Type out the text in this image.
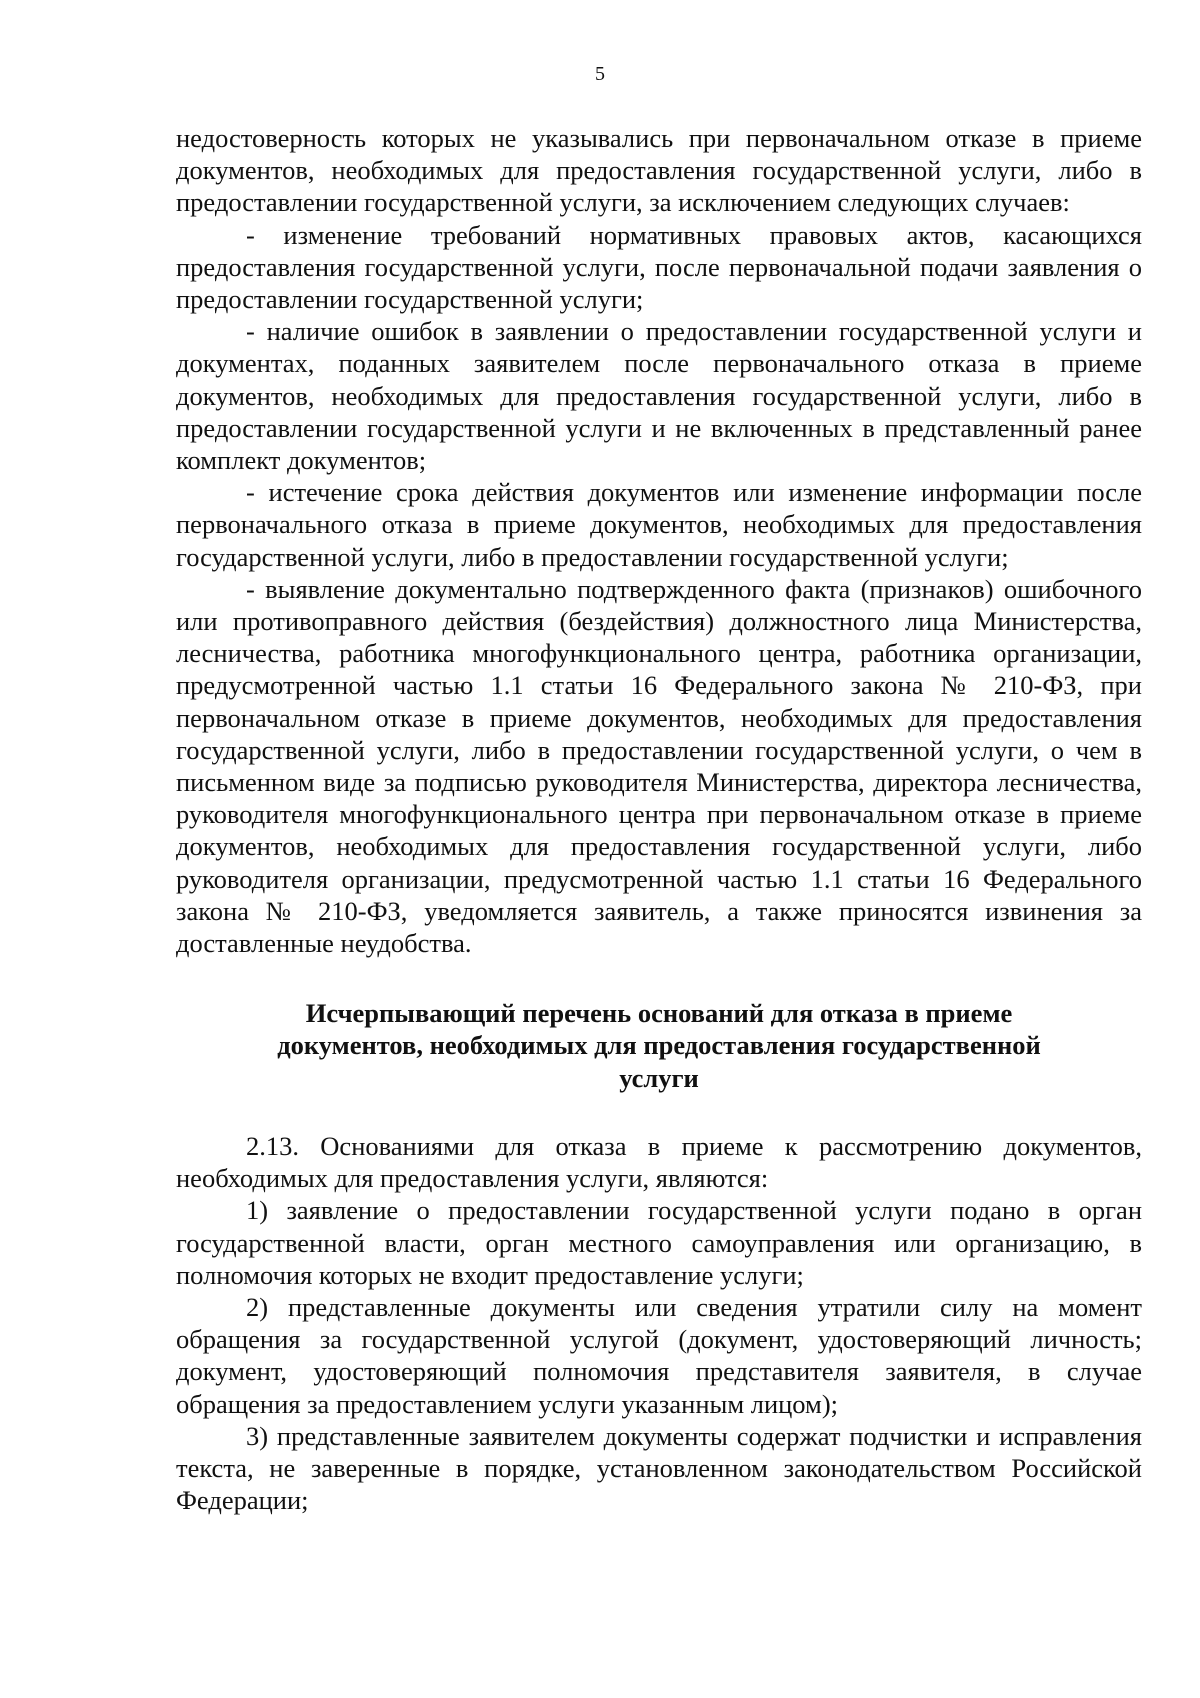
5

недостоверность которых не указывались при первоначальном отказе в приеме документов, необходимых для предоставления государственной услуги, либо в предоставлении государственной услуги, за исключением следующих случаев:

- изменение требований нормативных правовых актов, касающихся предоставления государственной услуги, после первоначальной подачи заявления о предоставлении государственной услуги;

- наличие ошибок в заявлении о предоставлении государственной услуги и документах, поданных заявителем после первоначального отказа в приеме документов, необходимых для предоставления государственной услуги, либо в предоставлении государственной услуги и не включенных в представленный ранее комплект документов;

- истечение срока действия документов или изменение информации после первоначального отказа в приеме документов, необходимых для предоставления государственной услуги, либо в предоставлении государственной услуги;

- выявление документально подтвержденного факта (признаков) ошибочного или противоправного действия (бездействия) должностного лица Министерства, лесничества, работника многофункционального центра, работника организации, предусмотренной частью 1.1 статьи 16 Федерального закона № 210-ФЗ, при первоначальном отказе в приеме документов, необходимых для предоставления государственной услуги, либо в предоставлении государственной услуги, о чем в письменном виде за подписью руководителя Министерства, директора лесничества, руководителя многофункционального центра при первоначальном отказе в приеме документов, необходимых для предоставления государственной услуги, либо руководителя организации, предусмотренной частью 1.1 статьи 16 Федерального закона № 210-ФЗ, уведомляется заявитель, а также приносятся извинения за доставленные неудобства.

Исчерпывающий перечень оснований для отказа в приеме документов, необходимых для предоставления государственной услуги

2.13. Основаниями для отказа в приеме к рассмотрению документов, необходимых для предоставления услуги, являются:

1) заявление о предоставлении государственной услуги подано в орган государственной власти, орган местного самоуправления или организацию, в полномочия которых не входит предоставление услуги;

2) представленные документы или сведения утратили силу на момент обращения за государственной услугой (документ, удостоверяющий личность; документ, удостоверяющий полномочия представителя заявителя, в случае обращения за предоставлением услуги указанным лицом);

3) представленные заявителем документы содержат подчистки и исправления текста, не заверенные в порядке, установленном законодательством Российской Федерации;
